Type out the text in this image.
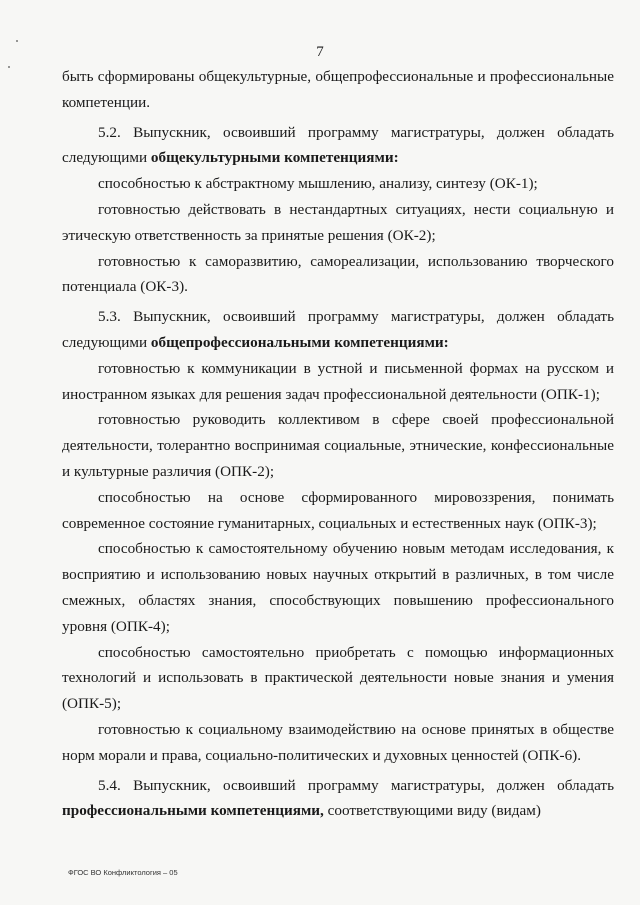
7

быть сформированы общекультурные, общепрофессиональные и профессиональные компетенции.

5.2. Выпускник, освоивший программу магистратуры, должен обладать следующими общекультурными компетенциями:

способностью к абстрактному мышлению, анализу, синтезу (ОК-1);

готовностью действовать в нестандартных ситуациях, нести социальную и этическую ответственность за принятые решения (ОК-2);

готовностью к саморазвитию, самореализации, использованию творческого потенциала (ОК-3).

5.3. Выпускник, освоивший программу магистратуры, должен обладать следующими общепрофессиональными компетенциями:

готовностью к коммуникации в устной и письменной формах на русском и иностранном языках для решения задач профессиональной деятельности (ОПК-1);

готовностью руководить коллективом в сфере своей профессиональной деятельности, толерантно воспринимая социальные, этнические, конфессиональные и культурные различия (ОПК-2);

способностью на основе сформированного мировоззрения, понимать современное состояние гуманитарных, социальных и естественных наук (ОПК-3);

способностью к самостоятельному обучению новым методам исследования, к восприятию и использованию новых научных открытий в различных, в том числе смежных, областях знания, способствующих повышению профессионального уровня (ОПК-4);

способностью самостоятельно приобретать с помощью информационных технологий и использовать в практической деятельности новые знания и умения (ОПК-5);

готовностью к социальному взаимодействию на основе принятых в обществе норм морали и права, социально-политических и духовных ценностей (ОПК-6).

5.4. Выпускник, освоивший программу магистратуры, должен обладать профессиональными компетенциями, соответствующими виду (видам)

ФГОС ВО Конфликтология – 05
